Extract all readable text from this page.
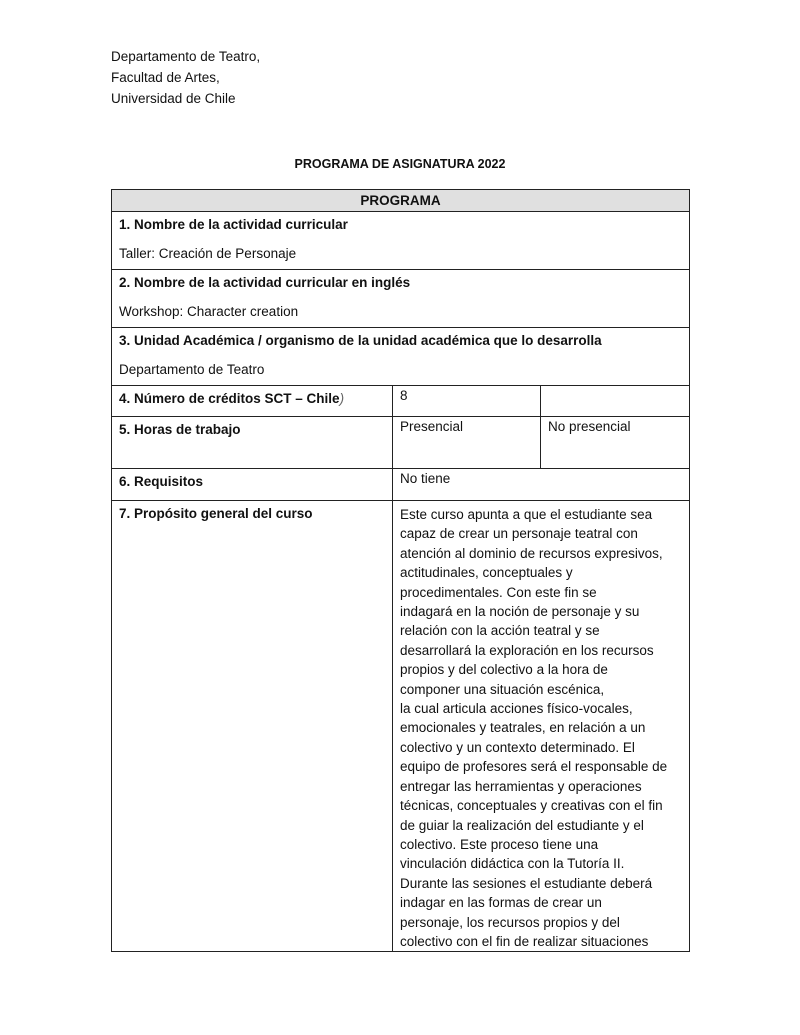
Departamento de Teatro,
Facultad de Artes,
Universidad de Chile
PROGRAMA DE ASIGNATURA 2022
PROGRAMA		

1. Nombre de la actividad curricular
Taller: Creación de Personaje		

2. Nombre de la actividad curricular en inglés
Workshop: Character creation		

3. Unidad Académica / organismo de la unidad académica que lo desarrolla
Departamento de Teatro		

4. Número de créditos SCT – Chile)	8	
5. Horas de trabajo	Presencial	No presencial
6. Requisitos	No tiene	
7. Propósito general del curso	Este curso apunta a que el estudiante sea
capaz de crear un personaje teatral con
atención al dominio de recursos expresivos,
actitudinales, conceptuales y
procedimentales. Con este fin se
indagará en la noción de personaje y su
relación con la acción teatral y se
desarrollará la exploración en los recursos
propios y del colectivo a la hora de
componer una situación escénica,
la cual articula acciones físico-vocales,
emocionales y teatrales, en relación a un
colectivo y un contexto determinado. El
equipo de profesores será el responsable de
entregar las herramientas y operaciones
técnicas, conceptuales y creativas con el fin
de guiar la realización del estudiante y el
colectivo. Este proceso tiene una
vinculación didáctica con la Tutoría II.
Durante las sesiones el estudiante deberá
indagar en las formas de crear un
personaje, los recursos propios y del
colectivo con el fin de realizar situaciones
